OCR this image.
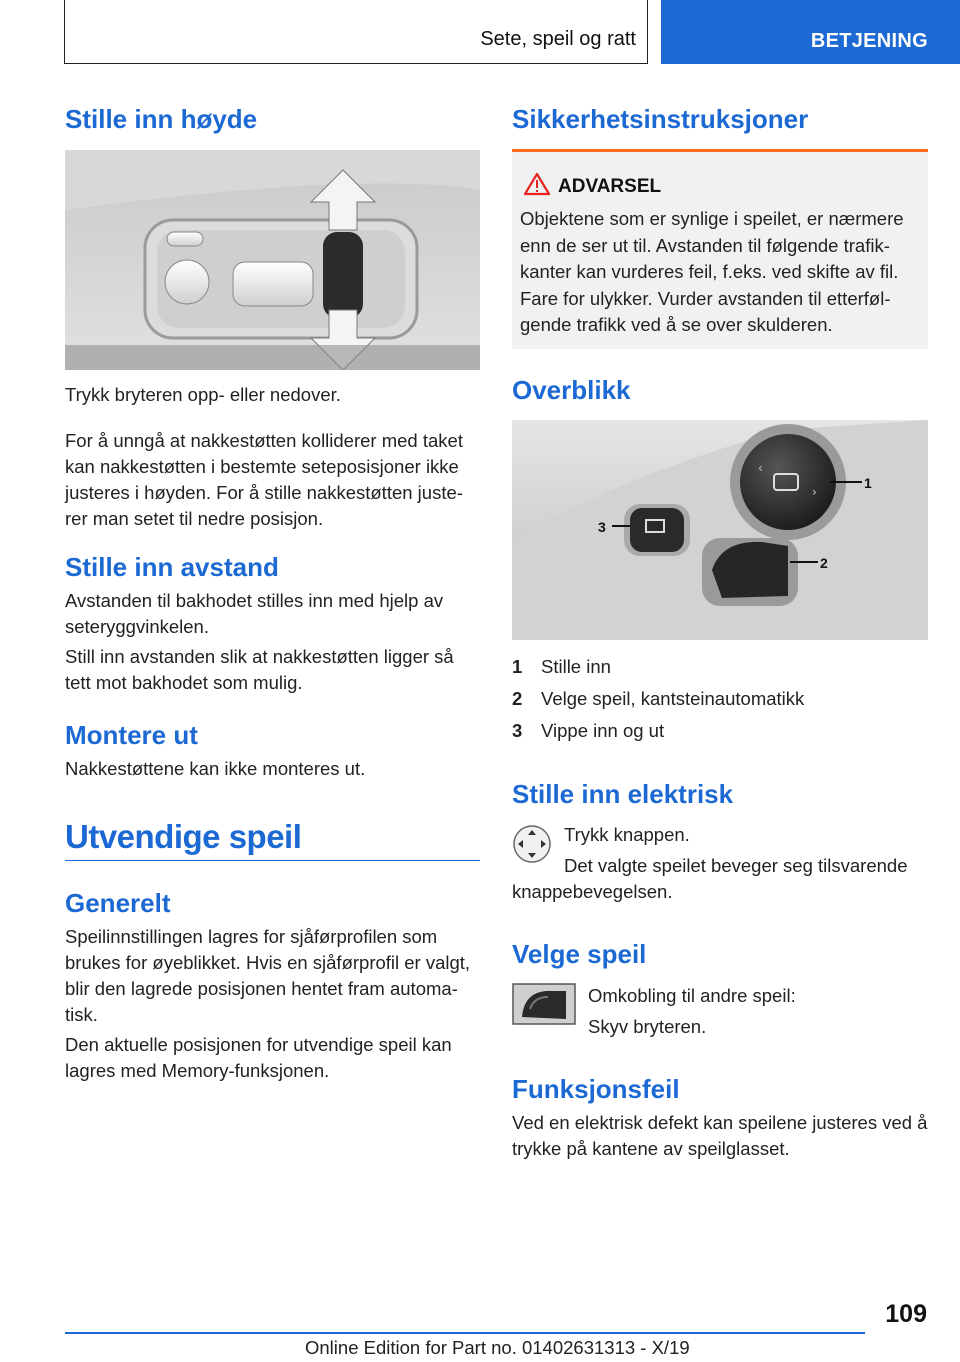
Sete, speil og ratt	BETJENING
Stille inn høyde

Trykk bryteren opp- eller nedover.

For å unngå at nakkestøtten kolliderer med taket kan nakkestøtten i bestemte seteposisjoner ikke justeres i høyden. For å stille nakkestøtten juste‐ rer man setet til nedre posisjon.

Stille inn avstand

Avstanden til bakhodet stilles inn med hjelp av seteryggvinkelen.

Still inn avstanden slik at nakkestøtten ligger så tett mot bakhodet som mulig.

Montere ut

Nakkestøttene kan ikke monteres ut.

Utvendige speil
Generelt

Speilinnstillingen lagres for sjåførprofilen som brukes for øyeblikket. Hvis en sjåførprofil er valgt, blir den lagrede posisjonen hentet fram automa‐ tisk.

Den aktuelle posisjonen for utvendige speil kan lagres med Memory-funksjonen.

Sikkerhetsinstruksjoner
ADVARSEL
Objektene som er synlige i speilet, er nærmere enn de ser ut til. Avstanden til følgende trafik‐ kanter kan vurderes feil, f.eks. ved skifte av fil. Fare for ulykker. Vurder avstanden til etterføl‐ gende trafikk ved å se over skulderen.
Overblikk
‹
›
1
2
3
1 Stille inn
2 Velge speil, kantsteinautomatikk
3 Vippe inn og ut
Stille inn elektrisk

Trykk knappen.

Det valgte speilet beveger seg tilsvarende

knappebevegelsen.

Velge speil

Omkobling til andre speil:

Skyv bryteren.

Funksjonsfeil

Ved en elektrisk defekt kan speilene justeres ved å trykke på kantene av speilglasset.

109
Online Edition for Part no. 01402631313 - X/19
